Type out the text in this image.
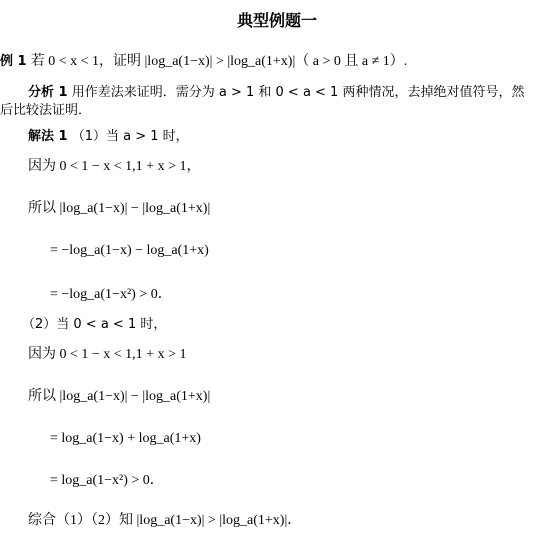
典型例题一
例 1 若 0 < x < 1，证明 |log_a(1−x)| > |log_a(1+x)|（ a > 0 且 a ≠ 1）.
分析 1 用作差法来证明．需分为 a > 1 和 0 < a < 1 两种情况，去掉绝对值符号，然后比较法证明．
解法 1 （1）当 a > 1 时，
因为 0 < 1 − x < 1,1 + x > 1，
所以 |log_a(1−x)| − |log_a(1+x)|
= −log_a(1−x) − log_a(1+x)
= −log_a(1−x²) > 0．
（2）当 0 < a < 1 时，
因为 0 < 1 − x < 1,1 + x > 1
所以 |log_a(1−x)| − |log_a(1+x)|
= log_a(1−x) + log_a(1+x)
= log_a(1−x²) > 0．
综合（1）（2）知 |log_a(1−x)| > |log_a(1+x)|．
